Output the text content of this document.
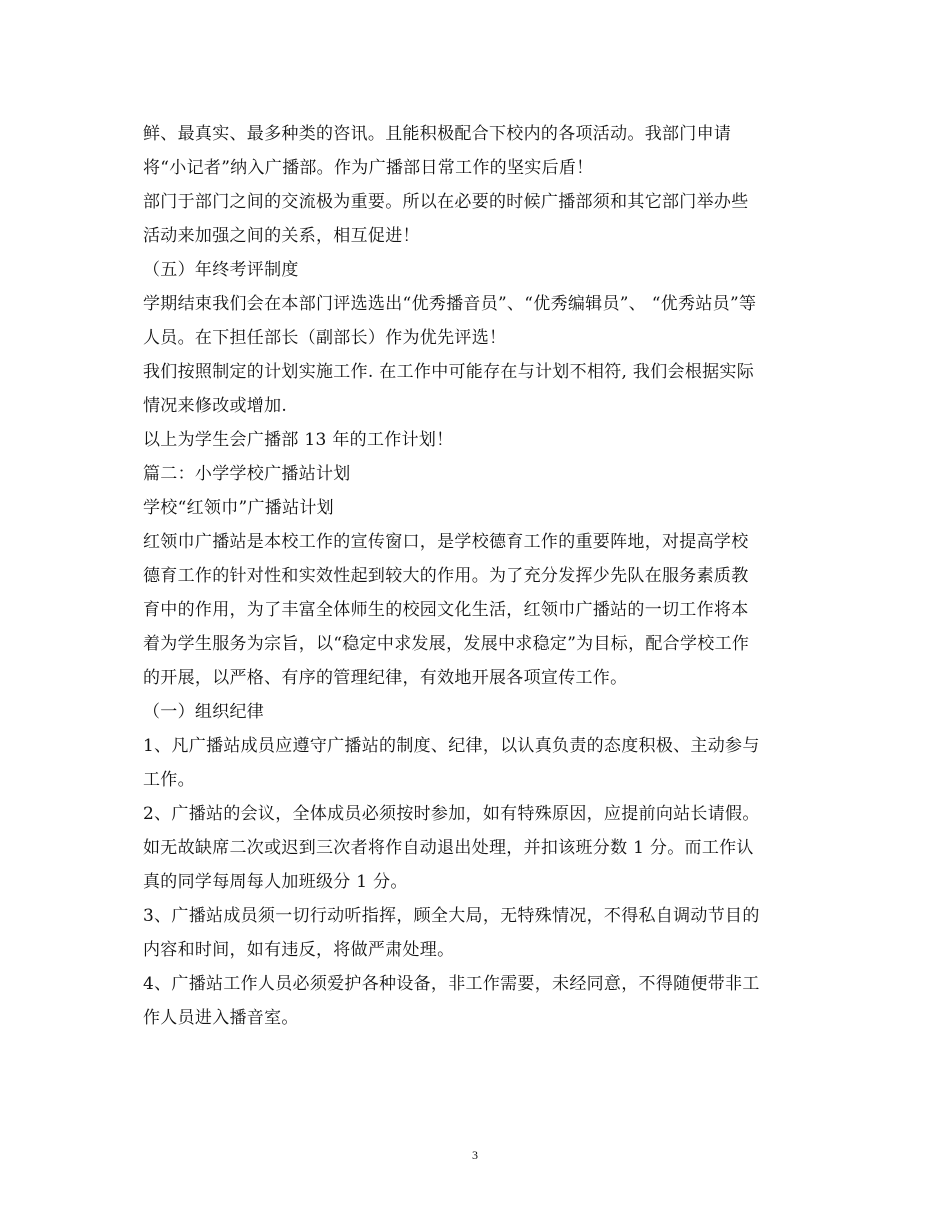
鲜、最真实、最多种类的咨讯。且能积极配合下校内的各项活动。我部门申请
将“小记者”纳入广播部。作为广播部日常工作的坚实后盾！
部门于部门之间的交流极为重要。所以在必要的时候广播部须和其它部门举办些
活动来加强之间的关系，相互促进！
（五）年终考评制度
学期结束我们会在本部门评选选出“优秀播音员”、“优秀编辑员”、 “优秀站员”等
人员。在下担任部长（副部长）作为优先评选！
我们按照制定的计划实施工作. 在工作中可能存在与计划不相符, 我们会根据实际
情况来修改或增加.
以上为学生会广播部 13 年的工作计划！
篇二：小学学校广播站计划
学校“红领巾”广播站计划
红领巾广播站是本校工作的宣传窗口，是学校德育工作的重要阵地，对提高学校
德育工作的针对性和实效性起到较大的作用。为了充分发挥少先队在服务素质教
育中的作用，为了丰富全体师生的校园文化生活，红领巾广播站的一切工作将本
着为学生服务为宗旨，以“稳定中求发展，发展中求稳定”为目标，配合学校工作
的开展，以严格、有序的管理纪律，有效地开展各项宣传工作。
（一）组织纪律
1、凡广播站成员应遵守广播站的制度、纪律，以认真负责的态度积极、主动参与
工作。
2、广播站的会议，全体成员必须按时参加，如有特殊原因，应提前向站长请假。
如无故缺席二次或迟到三次者将作自动退出处理，并扣该班分数 1 分。而工作认
真的同学每周每人加班级分 1 分。
3、广播站成员须一切行动听指挥，顾全大局，无特殊情况，不得私自调动节目的
内容和时间，如有违反，将做严肃处理。
4、广播站工作人员必须爱护各种设备，非工作需要，未经同意，不得随便带非工
作人员进入播音室。
3
